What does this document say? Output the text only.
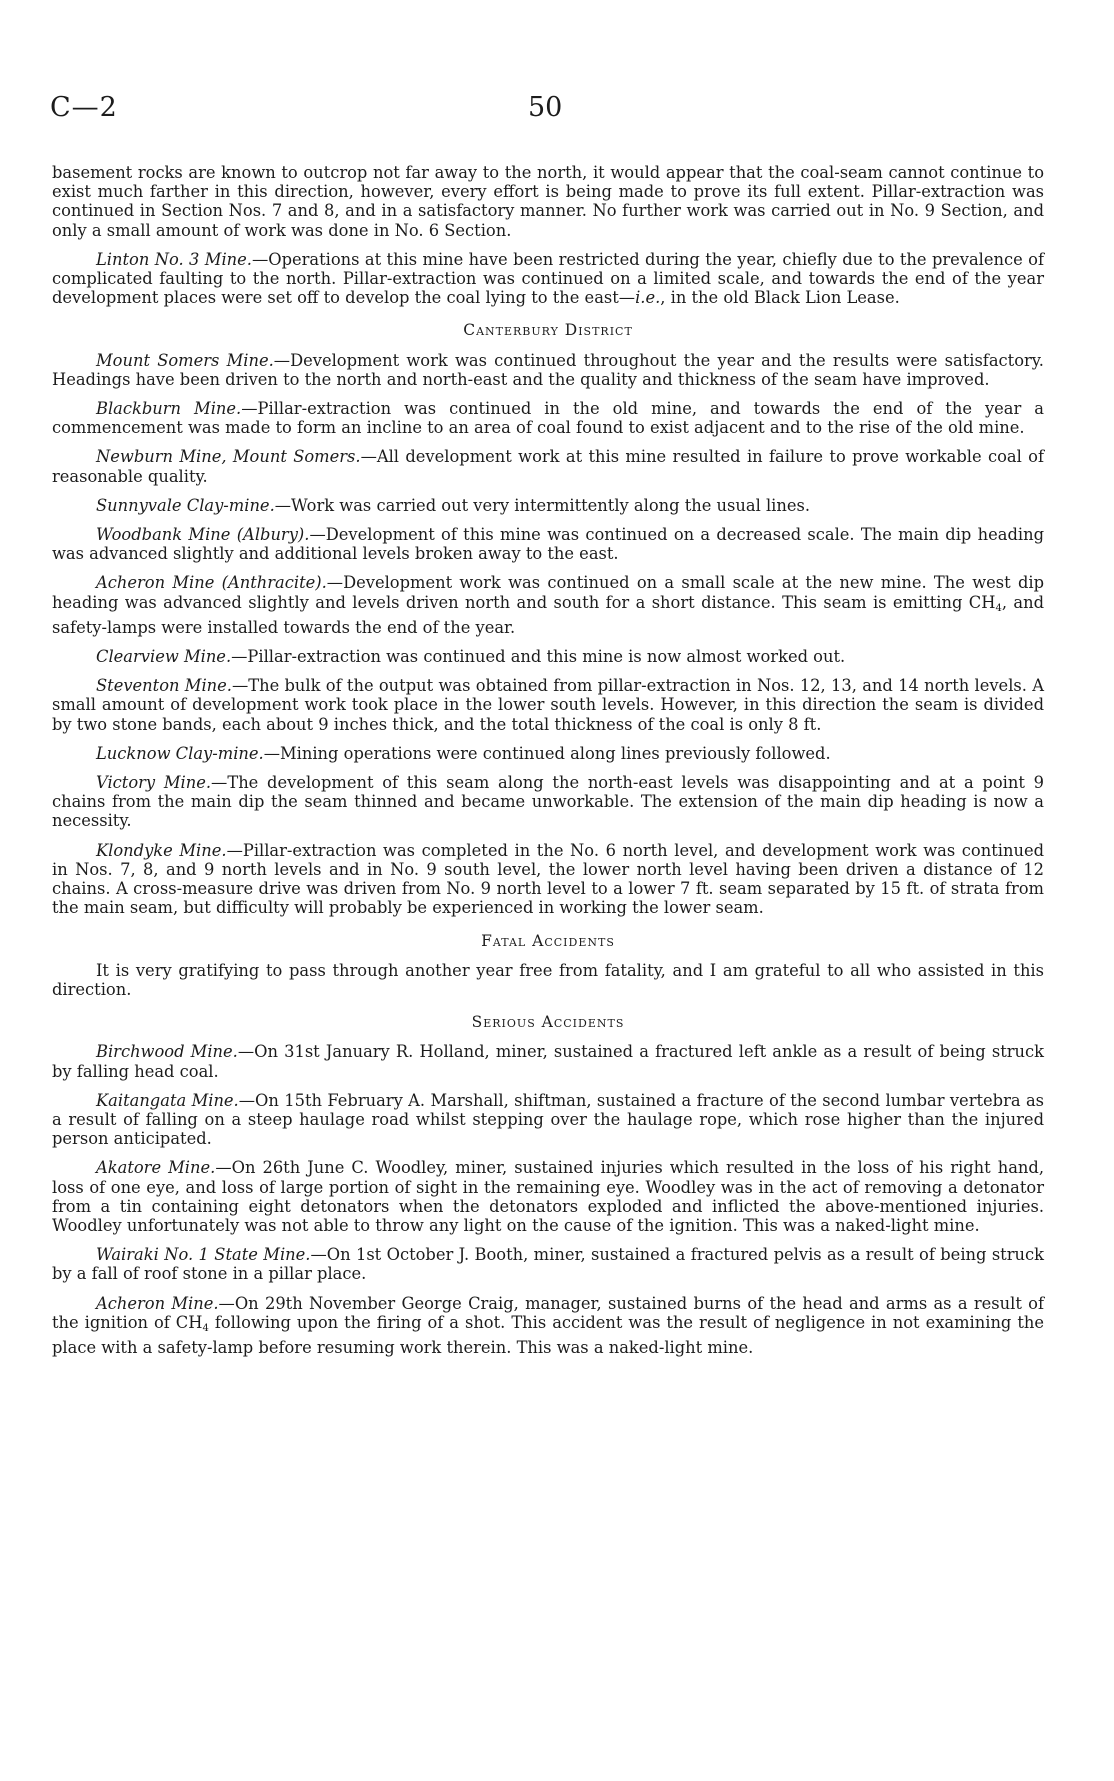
C—2	50

basement rocks are known to outcrop not far away to the north, it would appear that the coal-seam cannot continue to exist much farther in this direction, however, every effort is being made to prove its full extent. Pillar-extraction was continued in Section Nos. 7 and 8, and in a satisfactory manner. No further work was carried out in No. 9 Section, and only a small amount of work was done in No. 6 Section.

Linton No. 3 Mine.—Operations at this mine have been restricted during the year, chiefly due to the prevalence of complicated faulting to the north. Pillar-extraction was continued on a limited scale, and towards the end of the year development places were set off to develop the coal lying to the east—i.e., in the old Black Lion Lease.

Canterbury District

Mount Somers Mine.—Development work was continued throughout the year and the results were satisfactory. Headings have been driven to the north and north-east and the quality and thickness of the seam have improved.

Blackburn Mine.—Pillar-extraction was continued in the old mine, and towards the end of the year a commencement was made to form an incline to an area of coal found to exist adjacent and to the rise of the old mine.

Newburn Mine, Mount Somers.—All development work at this mine resulted in failure to prove workable coal of reasonable quality.

Sunnyvale Clay-mine.—Work was carried out very intermittently along the usual lines.

Woodbank Mine (Albury).—Development of this mine was continued on a decreased scale. The main dip heading was advanced slightly and additional levels broken away to the east.

Acheron Mine (Anthracite).—Development work was continued on a small scale at the new mine. The west dip heading was advanced slightly and levels driven north and south for a short distance. This seam is emitting $CH_4$, and safety-lamps were installed towards the end of the year.

Clearview Mine.—Pillar-extraction was continued and this mine is now almost worked out.

Steventon Mine.—The bulk of the output was obtained from pillar-extraction in Nos. 12, 13, and 14 north levels. A small amount of development work took place in the lower south levels. However, in this direction the seam is divided by two stone bands, each about 9 inches thick, and the total thickness of the coal is only 8 ft.

Lucknow Clay-mine.—Mining operations were continued along lines previously followed.

Victory Mine.—The development of this seam along the north-east levels was disappointing and at a point 9 chains from the main dip the seam thinned and became unworkable. The extension of the main dip heading is now a necessity.

Klondyke Mine.—Pillar-extraction was completed in the No. 6 north level, and development work was continued in Nos. 7, 8, and 9 north levels and in No. 9 south level, the lower north level having been driven a distance of 12 chains. A cross-measure drive was driven from No. 9 north level to a lower 7 ft. seam separated by 15 ft. of strata from the main seam, but difficulty will probably be experienced in working the lower seam.

Fatal Accidents

It is very gratifying to pass through another year free from fatality, and I am grateful to all who assisted in this direction.

Serious Accidents

Birchwood Mine.—On 31st January R. Holland, miner, sustained a fractured left ankle as a result of being struck by falling head coal.

Kaitangata Mine.—On 15th February A. Marshall, shiftman, sustained a fracture of the second lumbar vertebra as a result of falling on a steep haulage road whilst stepping over the haulage rope, which rose higher than the injured person anticipated.

Akatore Mine.—On 26th June C. Woodley, miner, sustained injuries which resulted in the loss of his right hand, loss of one eye, and loss of large portion of sight in the remaining eye. Woodley was in the act of removing a detonator from a tin containing eight detonators when the detonators exploded and inflicted the above-mentioned injuries. Woodley unfortunately was not able to throw any light on the cause of the ignition. This was a naked-light mine.

Wairaki No. 1 State Mine.—On 1st October J. Booth, miner, sustained a fractured pelvis as a result of being struck by a fall of roof stone in a pillar place.

Acheron Mine.—On 29th November George Craig, manager, sustained burns of the head and arms as a result of the ignition of $CH_4$ following upon the firing of a shot. This accident was the result of negligence in not examining the place with a safety-lamp before resuming work therein. This was a naked-light mine.
